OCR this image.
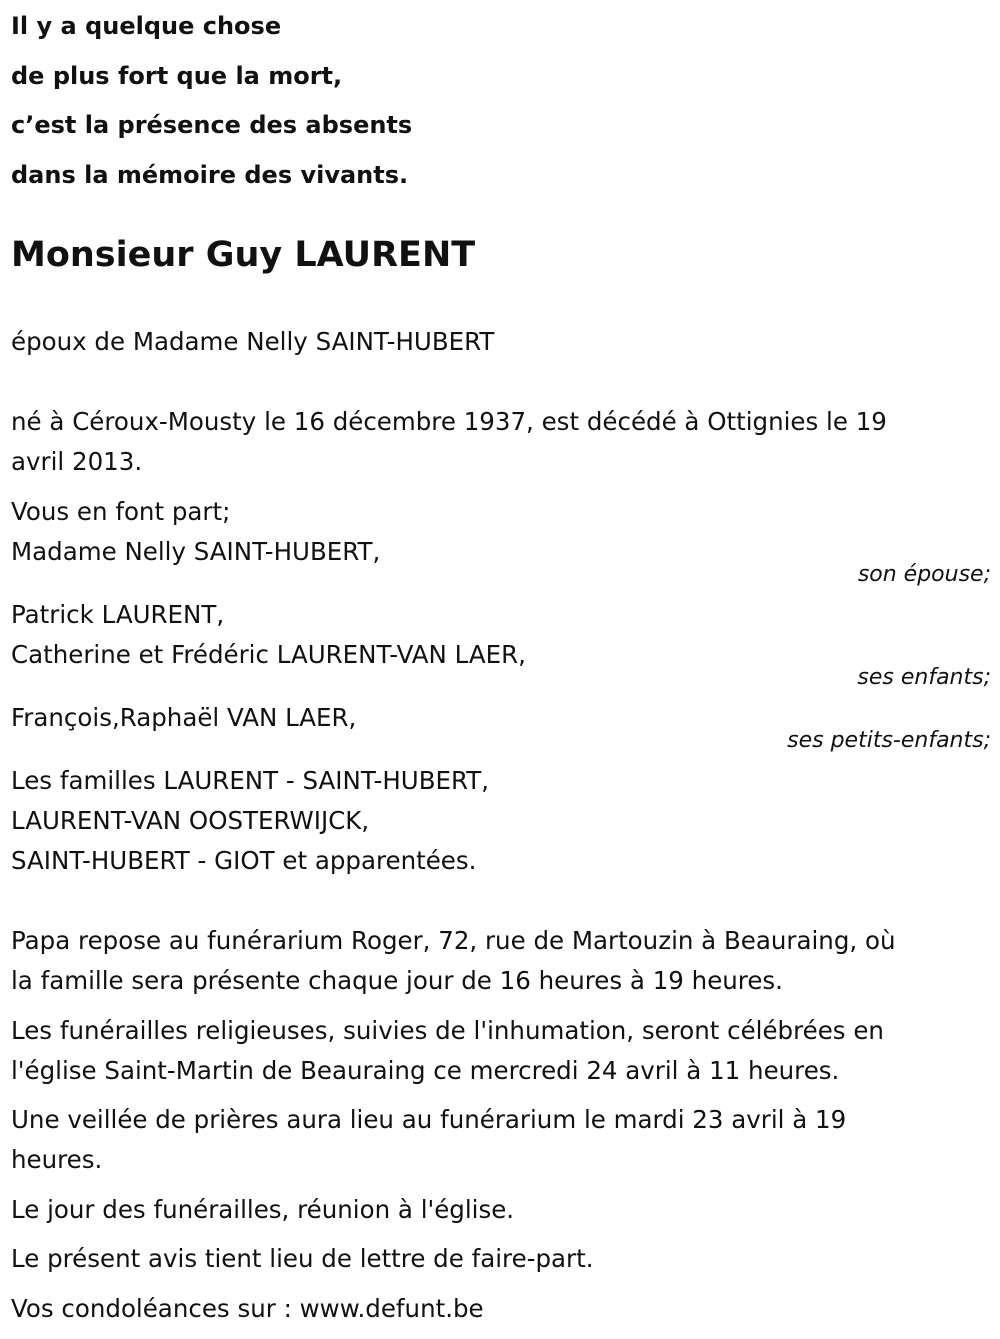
Il y a quelque chose
de plus fort que la mort,
c’est la présence des absents
dans la mémoire des vivants.
Monsieur Guy LAURENT
époux de Madame Nelly SAINT-HUBERT
né à Céroux-Mousty le 16 décembre 1937, est décédé à Ottignies le 19
avril 2013.
Vous en font part;
Madame Nelly SAINT-HUBERT,
son épouse;
Patrick LAURENT,
Catherine et Frédéric LAURENT-VAN LAER,
ses enfants;
François,Raphaël VAN LAER,
ses petits-enfants;
Les familles LAURENT - SAINT-HUBERT,
LAURENT-VAN OOSTERWIJCK,
SAINT-HUBERT - GIOT et apparentées.
Papa repose au funérarium Roger, 72, rue de Martouzin à Beauraing, où
la famille sera présente chaque jour de 16 heures à 19 heures.
Les funérailles religieuses, suivies de l'inhumation, seront célébrées en
l'église Saint-Martin de Beauraing ce mercredi 24 avril à 11 heures.
Une veillée de prières aura lieu au funérarium le mardi 23 avril à 19
heures.
Le jour des funérailles, réunion à l'église.
Le présent avis tient lieu de lettre de faire-part.
Vos condoléances sur : www.defunt.be
